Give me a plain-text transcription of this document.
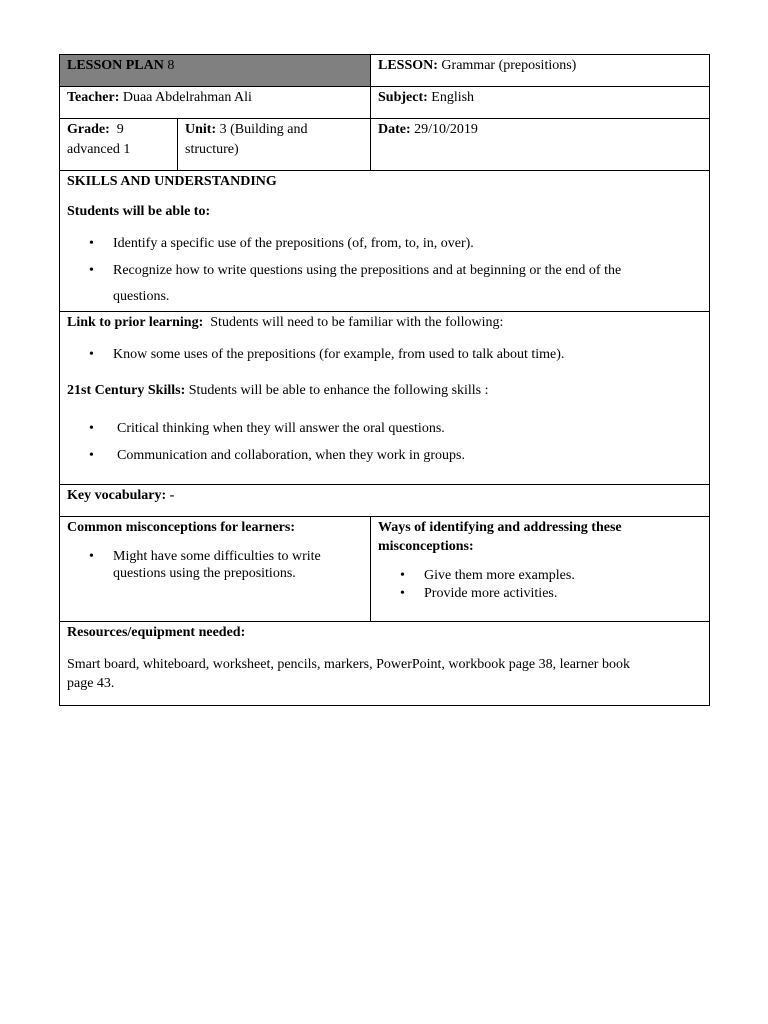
LESSON PLAN 8	LESSON: Grammar (prepositions)
Teacher: Duaa Abdelrahman Ali	Subject: English
Grade: 9
advanced 1
Unit: 3 (Building and
structure)
Date: 29/10/2019

SKILLS AND UNDERSTANDING

Students will be able to:

• Identify a specific use of the prepositions (of, from, to, in, over).
• Recognize how to write questions using the prepositions and at beginning or the end of the

questions.

Link to prior learning: Students will need to be familiar with the following:

• Know some uses of the prepositions (for example, from used to talk about time).

21st Century Skills: Students will be able to enhance the following skills :

• Critical thinking when they will answer the oral questions.
• Communication and collaboration, when they work in groups.
Key vocabulary: -

Common misconceptions for learners:

• Might have some difficulties to write

questions using the prepositions.

Ways of identifying and addressing these

misconceptions:

• Give them more examples.
• Provide more activities.

Resources/equipment needed:

Smart board, whiteboard, worksheet, pencils, markers, PowerPoint, workbook page 38, learner book

page 43.
